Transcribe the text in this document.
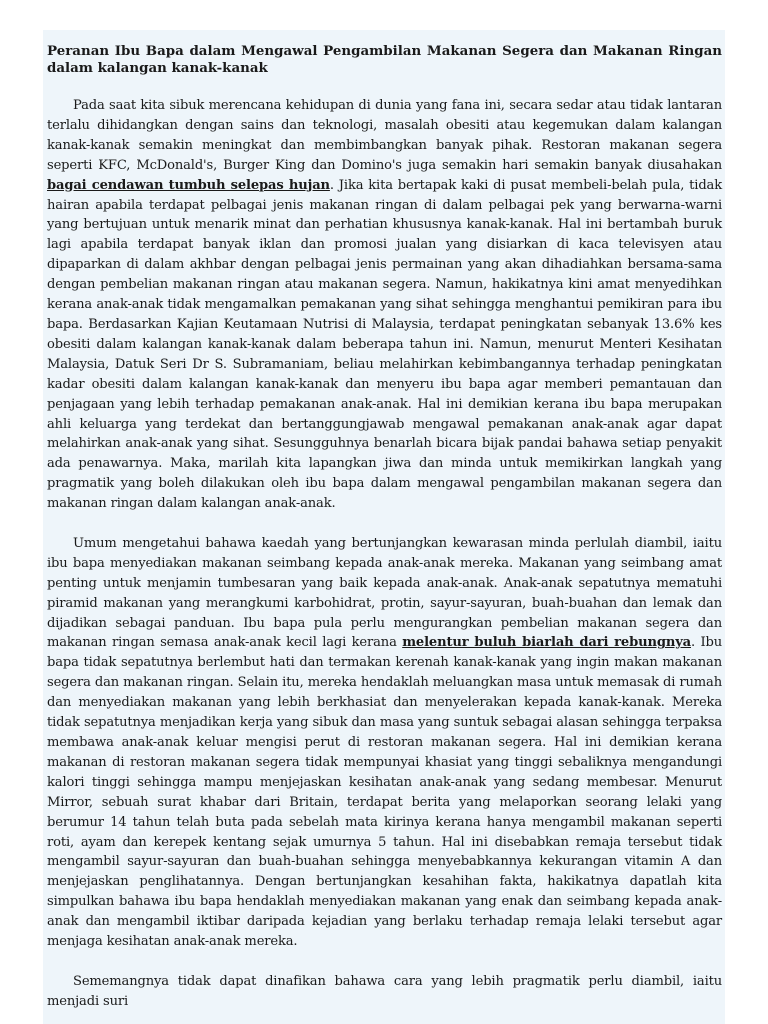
Peranan Ibu Bapa dalam Mengawal Pengambilan Makanan Segera dan Makanan Ringan dalam kalangan kanak-kanak

Pada saat kita sibuk merencana kehidupan di dunia yang fana ini, secara sedar atau tidak lantaran terlalu dihidangkan dengan sains dan teknologi, masalah obesiti atau kegemukan dalam kalangan kanak-kanak semakin meningkat dan membimbangkan banyak pihak. Restoran makanan segera seperti KFC, McDonald's, Burger King dan Domino's juga semakin hari semakin banyak diusahakan bagai cendawan tumbuh selepas hujan. Jika kita bertapak kaki di pusat membeli-belah pula, tidak hairan apabila terdapat pelbagai jenis makanan ringan di dalam pelbagai pek yang berwarna-warni yang bertujuan untuk menarik minat dan perhatian khususnya kanak-kanak. Hal ini bertambah buruk lagi apabila terdapat banyak iklan dan promosi jualan yang disiarkan di kaca televisyen atau dipaparkan di dalam akhbar dengan pelbagai jenis permainan yang akan dihadiahkan bersama-sama dengan pembelian makanan ringan atau makanan segera. Namun, hakikatnya kini amat menyedihkan kerana anak-anak tidak mengamalkan pemakanan yang sihat sehingga menghantui pemikiran para ibu bapa. Berdasarkan Kajian Keutamaan Nutrisi di Malaysia, terdapat peningkatan sebanyak 13.6% kes obesiti dalam kalangan kanak-kanak dalam beberapa tahun ini. Namun, menurut Menteri Kesihatan Malaysia, Datuk Seri Dr S. Subramaniam, beliau melahirkan kebimbangannya terhadap peningkatan kadar obesiti dalam kalangan kanak-kanak dan menyeru ibu bapa agar memberi pemantauan dan penjagaan yang lebih terhadap pemakanan anak-anak. Hal ini demikian kerana ibu bapa merupakan ahli keluarga yang terdekat dan bertanggungjawab mengawal pemakanan anak-anak agar dapat melahirkan anak-anak yang sihat. Sesungguhnya benarlah bicara bijak pandai bahawa setiap penyakit ada penawarnya. Maka, marilah kita lapangkan jiwa dan minda untuk memikirkan langkah yang pragmatik yang boleh dilakukan oleh ibu bapa dalam mengawal pengambilan makanan segera dan makanan ringan dalam kalangan anak-anak.

Umum mengetahui bahawa kaedah yang bertunjangkan kewarasan minda perlulah diambil, iaitu ibu bapa menyediakan makanan seimbang kepada anak-anak mereka. Makanan yang seimbang amat penting untuk menjamin tumbesaran yang baik kepada anak-anak. Anak-anak sepatutnya mematuhi piramid makanan yang merangkumi karbohidrat, protin, sayur-sayuran, buah-buahan dan lemak dan dijadikan sebagai panduan. Ibu bapa pula perlu mengurangkan pembelian makanan segera dan makanan ringan semasa anak-anak kecil lagi kerana melentur buluh biarlah dari rebungnya. Ibu bapa tidak sepatutnya berlembut hati dan termakan kerenah kanak-kanak yang ingin makan makanan segera dan makanan ringan. Selain itu, mereka hendaklah meluangkan masa untuk memasak di rumah dan menyediakan makanan yang lebih berkhasiat dan menyelerakan kepada kanak-kanak. Mereka tidak sepatutnya menjadikan kerja yang sibuk dan masa yang suntuk sebagai alasan sehingga terpaksa membawa anak-anak keluar mengisi perut di restoran makanan segera. Hal ini demikian kerana makanan di restoran makanan segera tidak mempunyai khasiat yang tinggi sebaliknya mengandungi kalori tinggi sehingga mampu menjejaskan kesihatan anak-anak yang sedang membesar. Menurut Mirror, sebuah surat khabar dari Britain, terdapat berita yang melaporkan seorang lelaki yang berumur 14 tahun telah buta pada sebelah mata kirinya kerana hanya mengambil makanan seperti roti, ayam dan kerepek kentang sejak umurnya 5 tahun. Hal ini disebabkan remaja tersebut tidak mengambil sayur-sayuran dan buah-buahan sehingga menyebabkannya kekurangan vitamin A dan menjejaskan penglihatannya. Dengan bertunjangkan kesahihan fakta, hakikatnya dapatlah kita simpulkan bahawa ibu bapa hendaklah menyediakan makanan yang enak dan seimbang kepada anak-anak dan mengambil iktibar daripada kejadian yang berlaku terhadap remaja lelaki tersebut agar menjaga kesihatan anak-anak mereka.

Sememangnya tidak dapat dinafikan bahawa cara yang lebih pragmatik perlu diambil, iaitu menjadi suri
